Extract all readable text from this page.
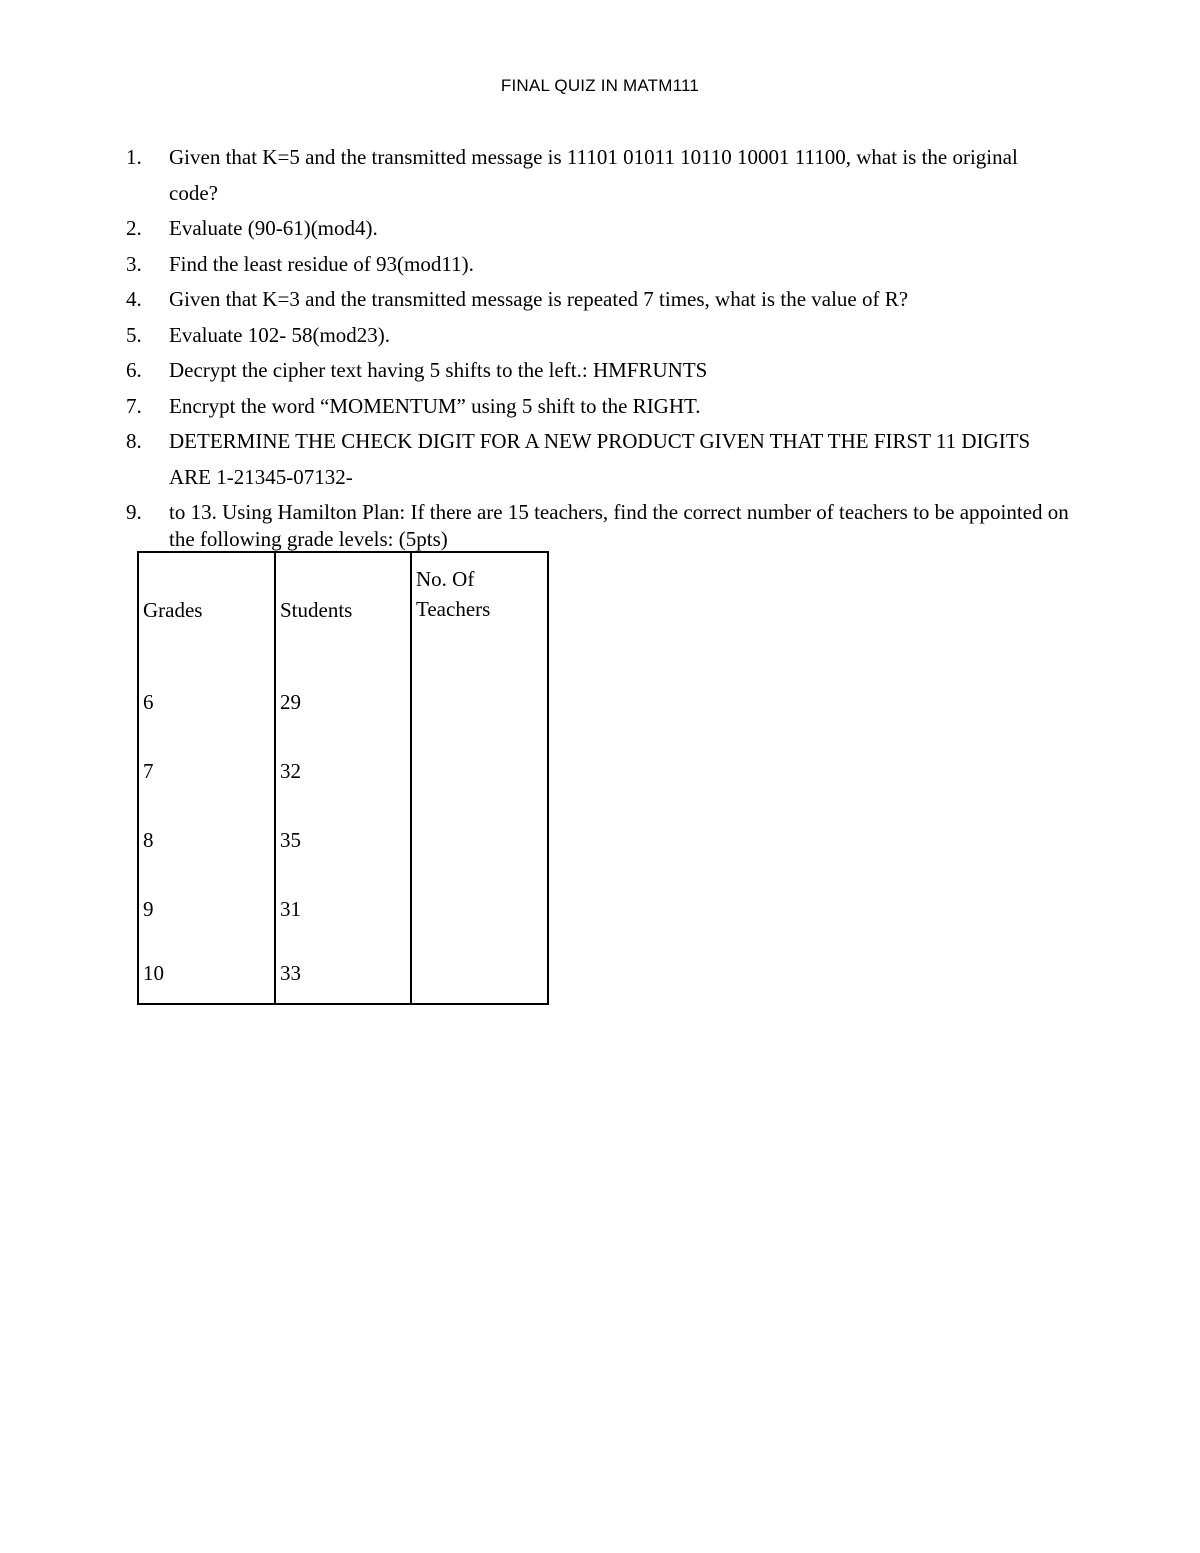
FINAL QUIZ IN MATM111
1. Given that K=5 and the transmitted message is 11101 01011 10110 10001 11100, what is the original code?
2. Evaluate (90-61)(mod4).
3. Find the least residue of 93(mod11).
4. Given that K=3 and the transmitted message is repeated 7 times, what is the value of R?
5. Evaluate 102- 58(mod23).
6. Decrypt the cipher text having 5 shifts to the left.: HMFRUNTS
7. Encrypt the word “MOMENTUM” using 5 shift to the RIGHT.
8. DETERMINE THE CHECK DIGIT FOR A NEW PRODUCT GIVEN THAT THE FIRST 11 DIGITS ARE 1-21345-07132-
9. to 13. Using Hamilton Plan: If there are 15 teachers, find the correct number of teachers to be appointed on the following grade levels: (5pts)
Grades	Students	No. Of Teachers

6	29	
7	32	
8	35	
9	31	
10	33	
